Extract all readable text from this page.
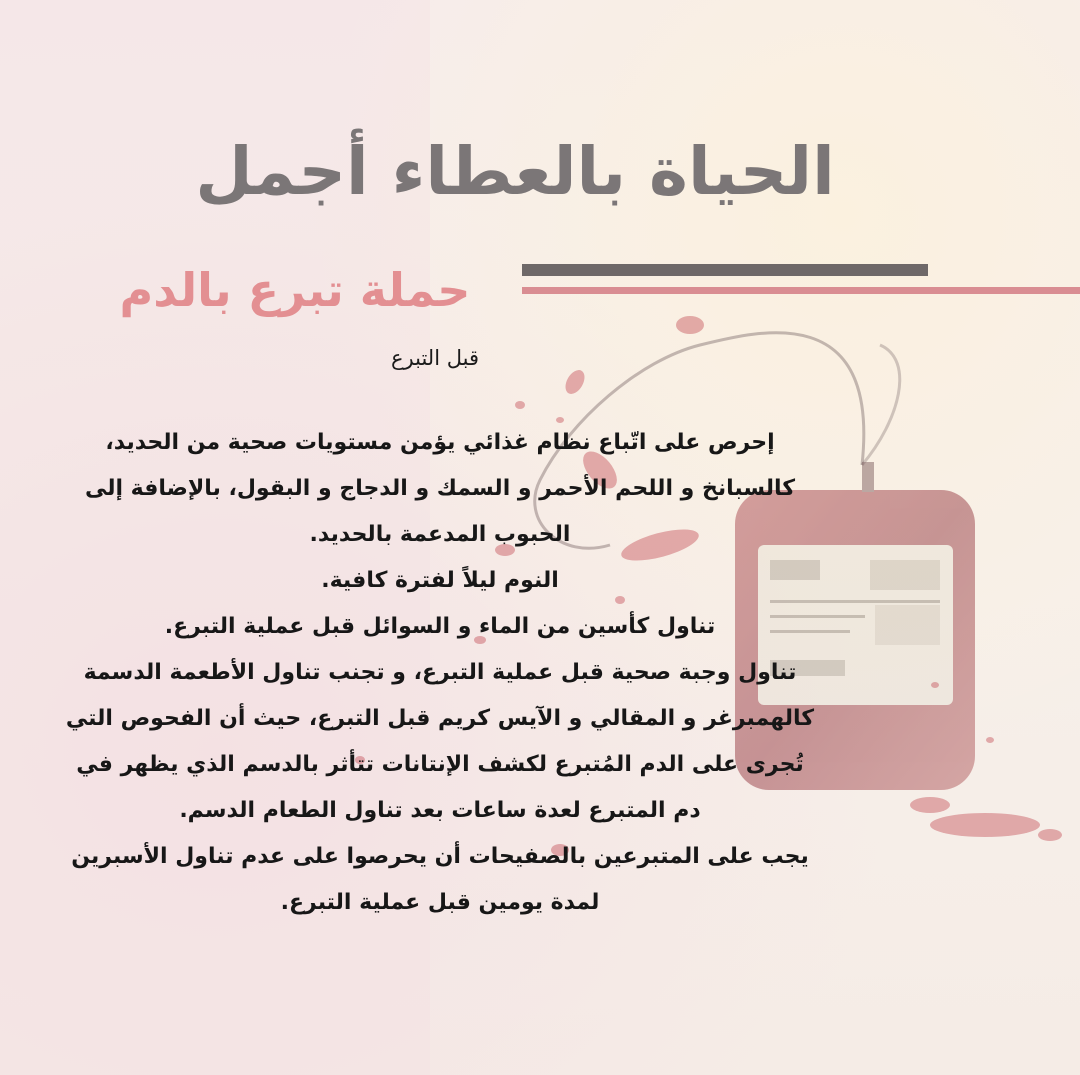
الحياة بالعطاء أجمل
حملة تبرع بالدم
قبل التبرع

إحرص على اتّباع نظام غذائي يؤمن مستويات صحية من الحديد،

كالسبانخ و اللحم الأحمر و السمك و الدجاج و البقول، بالإضافة إلى

الحبوب المدعمة بالحديد.

النوم ليلاً لفترة كافية.

تناول كأسين من الماء و السوائل قبل عملية التبرع.

تناول وجبة صحية قبل عملية التبرع، و تجنب تناول الأطعمة الدسمة

كالهمبرغر و المقالي و الآيس كريم قبل التبرع، حيث أن الفحوص التي

تُجرى على الدم المُتبرع لكشف الإنتانات تتأثر بالدسم الذي يظهر في

دم المتبرع لعدة ساعات بعد تناول الطعام الدسم.

يجب على المتبرعين بالصفيحات أن يحرصوا على عدم تناول الأسبرين

لمدة يومين قبل عملية التبرع.
